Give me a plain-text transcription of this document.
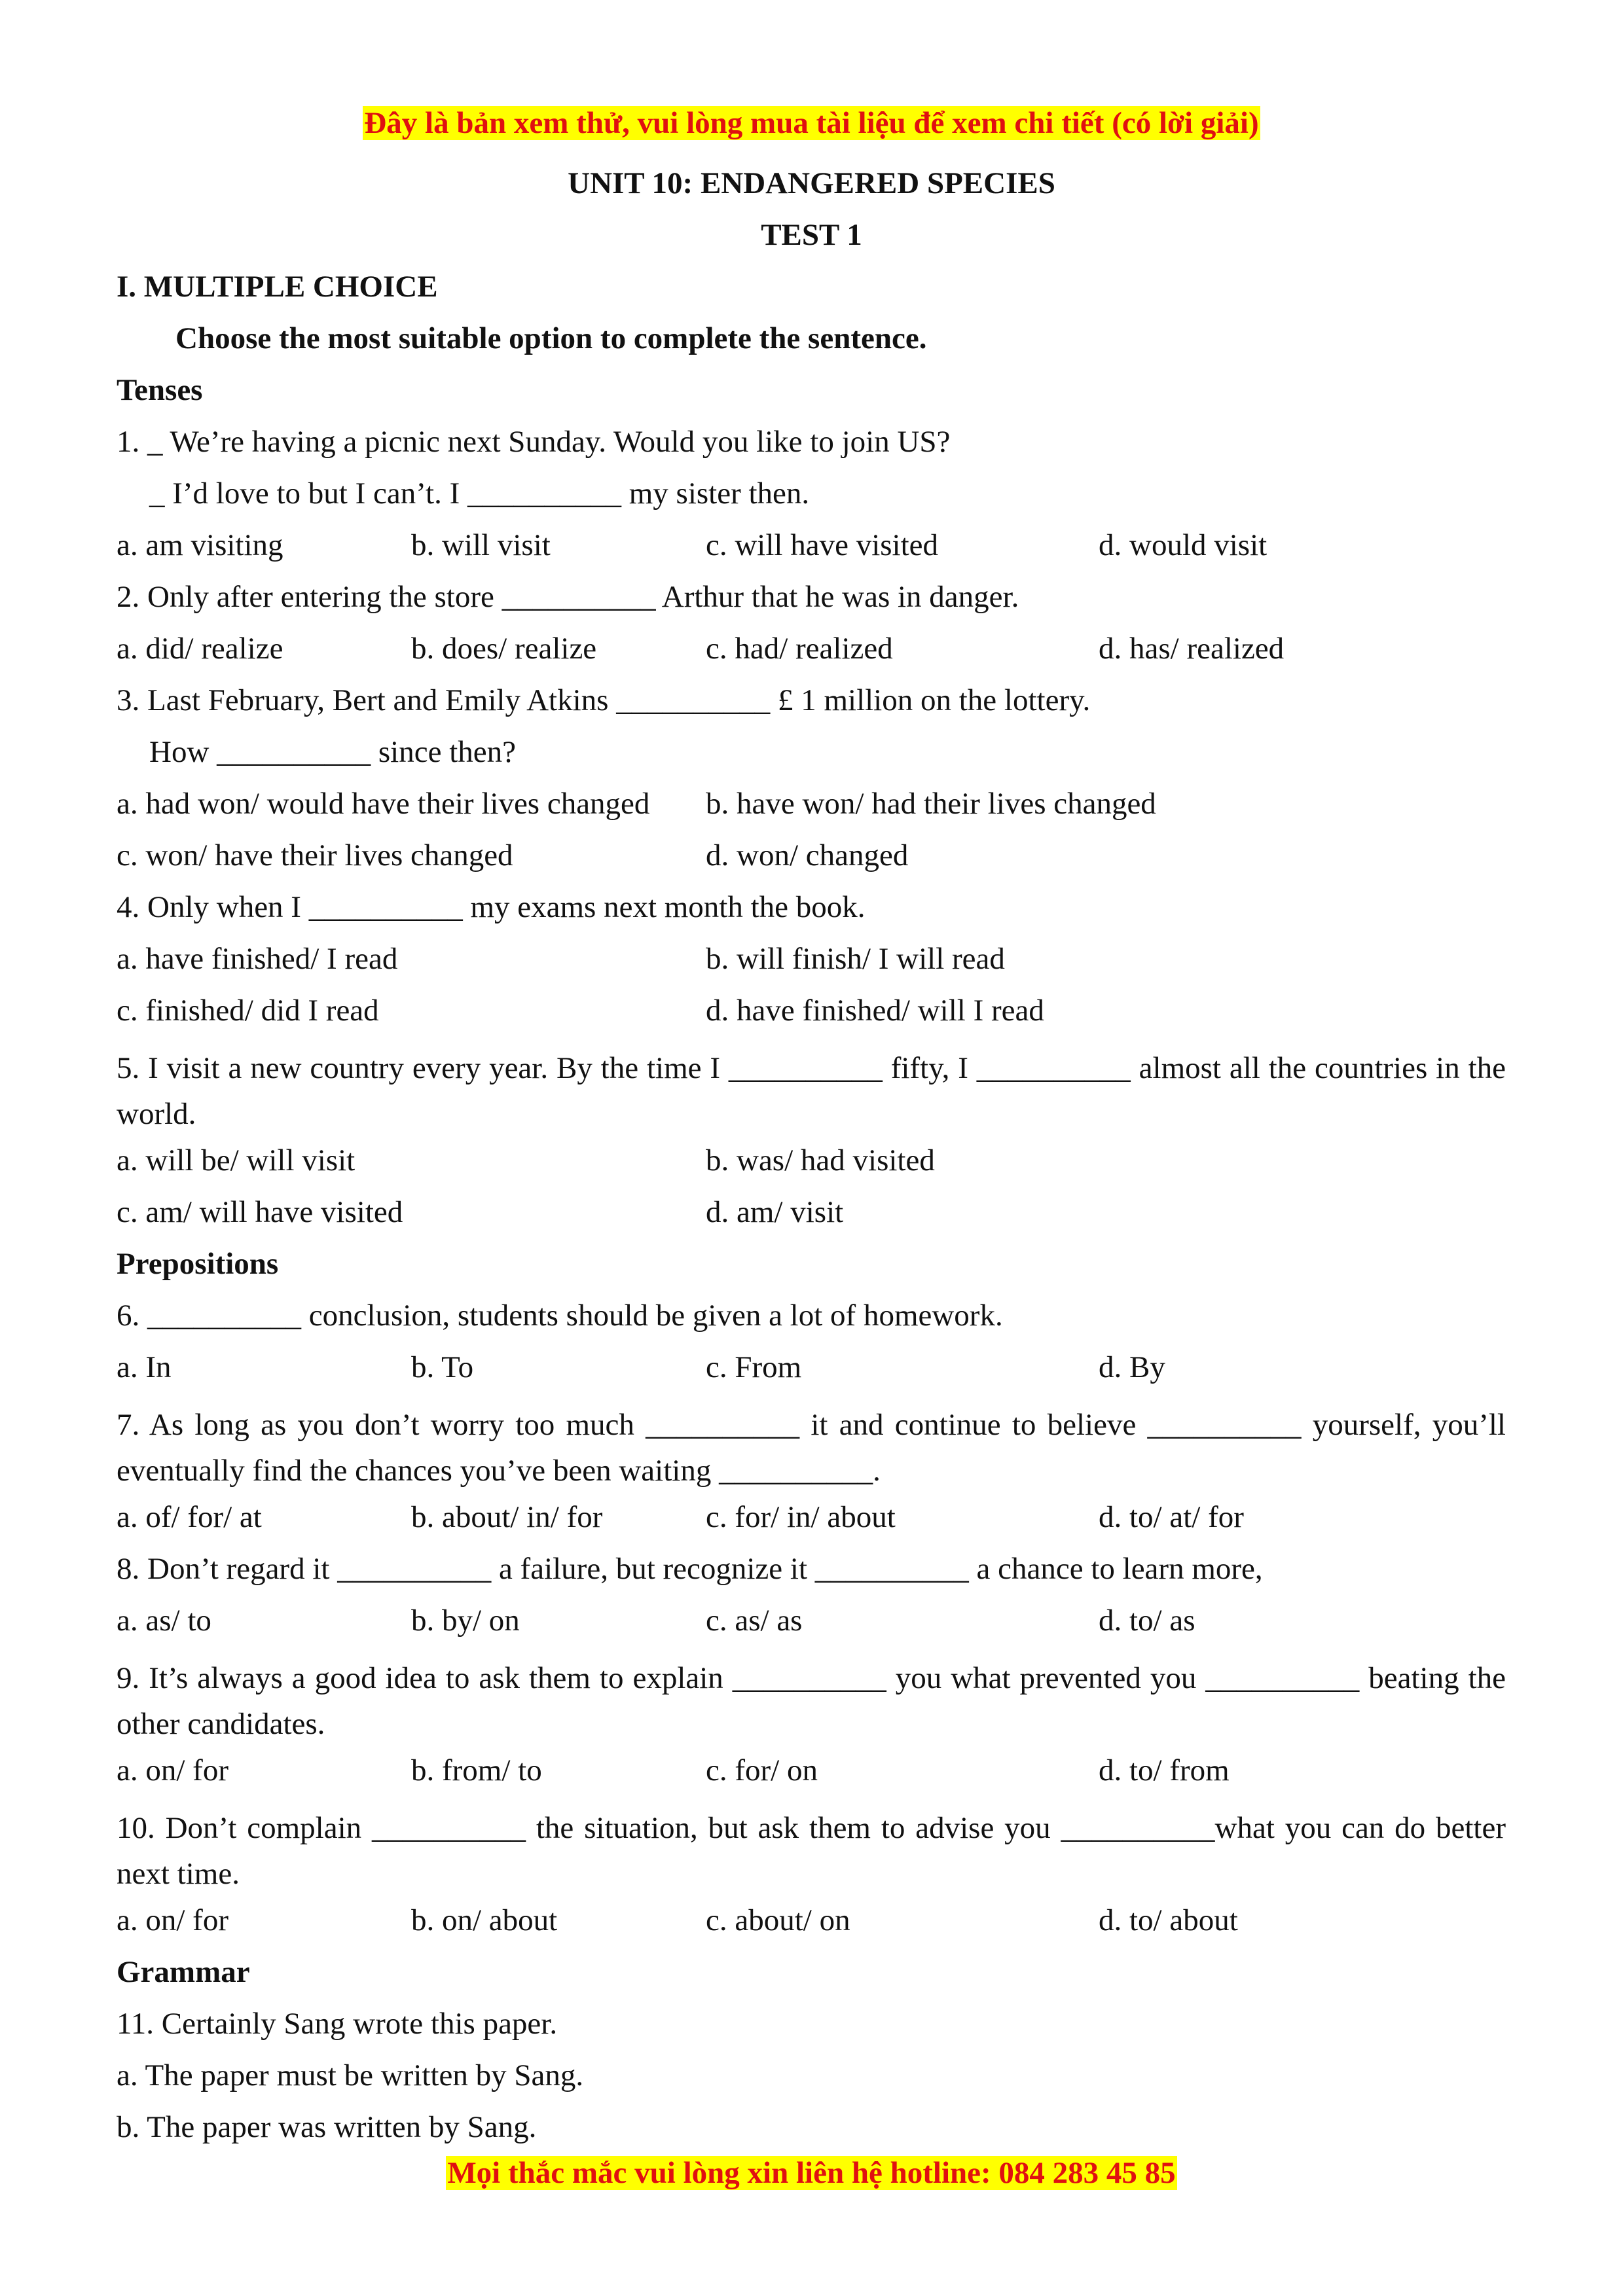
Đây là bản xem thử, vui lòng mua tài liệu để xem chi tiết (có lời giải)
UNIT 10: ENDANGERED SPECIES
TEST 1
I. MULTIPLE CHOICE
Choose the most suitable option to complete the sentence.
Tenses
1. _ We’re having a picnic next Sunday. Would you like to join US?
_ I’d love to but I can’t. I __________ my sister then.
a. am visiting	b. will visit	c. will have visited	d. would visit
2. Only after entering the store __________ Arthur that he was in danger.
a. did/ realize	b. does/ realize	c. had/ realized	d. has/ realized
3. Last February, Bert and Emily Atkins __________ £ 1 million on the lottery.
How __________ since then?
a. had won/ would have their lives changed b. have won/ had their lives changed
c. won/ have their lives changed	d. won/ changed
4. Only when I __________ my exams next month the book.
a. have finished/ I read	b. will finish/ I will read
c. finished/ did I read	d. have finished/ will I read
5. I visit a new country every year. By the time I __________ fifty, I __________ almost all the countries in the world.
a. will be/ will visit	b. was/ had visited
c. am/ will have visited	d. am/ visit
Prepositions
6. __________ conclusion, students should be given a lot of homework.
a. In	b. To	c. From	d. By
7. As long as you don’t worry too much __________ it and continue to believe __________ yourself, you’ll eventually find the chances you’ve been waiting __________.
a. of/ for/ at	b. about/ in/ for	c. for/ in/ about	d. to/ at/ for
8. Don’t regard it __________ a failure, but recognize it __________ a chance to learn more,
a. as/ to	b. by/ on	c. as/ as	d. to/ as
9. It’s always a good idea to ask them to explain __________ you what prevented you __________ beating the other candidates.
a. on/ for	b. from/ to	c. for/ on	d. to/ from
10. Don’t complain __________ the situation, but ask them to advise you __________what you can do better next time.
a. on/ for	b. on/ about	c. about/ on	d. to/ about
Grammar
11. Certainly Sang wrote this paper.
a. The paper must be written by Sang.
b. The paper was written by Sang.
Mọi thắc mắc vui lòng xin liên hệ hotline: 084 283 45 85
